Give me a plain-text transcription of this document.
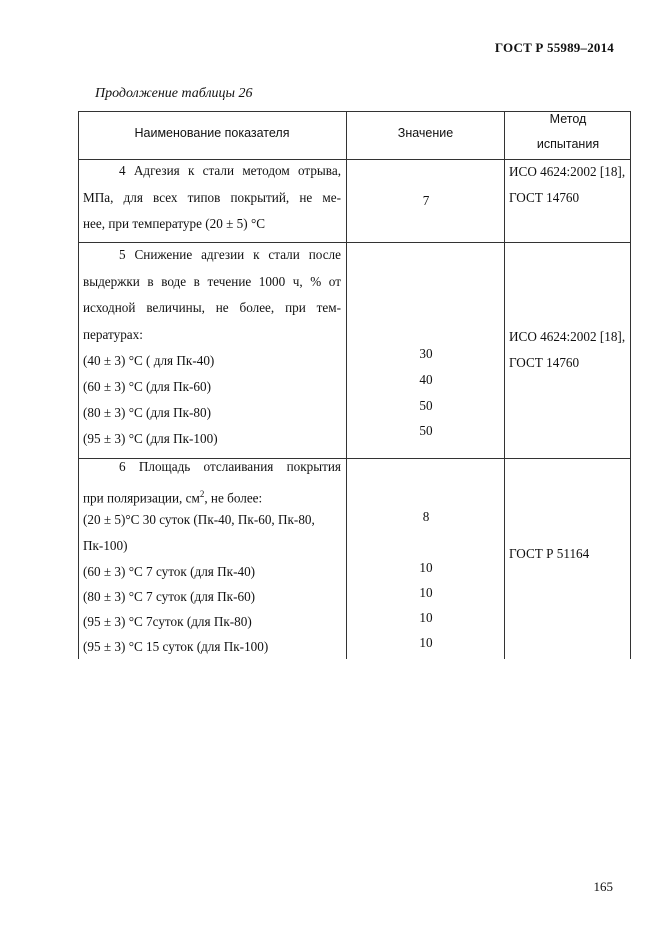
ГОСТ Р 55989–2014
Продолжение таблицы 26
Наименование показателя	Значение
Метод
испытания
4 Адгезия к стали методом отрыва,
МПа, для всех типов покрытий, не ме-
нее, при температуре (20 ± 5) °С
7
ИСО 4624:2002 [18],
ГОСТ 14760
5 Снижение адгезии к стали после
выдержки в воде в течение 1000 ч, % от
исходной величины, не более, при тем-
пературах:
(40 ± 3) °С ( для Пк-40)
(60 ± 3) °С (для Пк-60)
(80 ± 3) °С (для Пк-80)
(95 ± 3) °С (для Пк-100)
30
40
50
50
ИСО 4624:2002 [18],
ГОСТ 14760
6 Площадь отслаивания покрытия
при поляризации, $см^2$, не более:
(20 ± 5)°С 30 суток (Пк-40, Пк-60, Пк-80,
Пк-100)
(60 ± 3) °С 7 суток (для Пк-40)
(80 ± 3) °С 7 суток (для Пк-60)
(95 ± 3) °С 7суток (для Пк-80)
(95 ± 3) °С 15 суток (для Пк-100)
8
10
10
10
10
ГОСТ Р 51164
165
